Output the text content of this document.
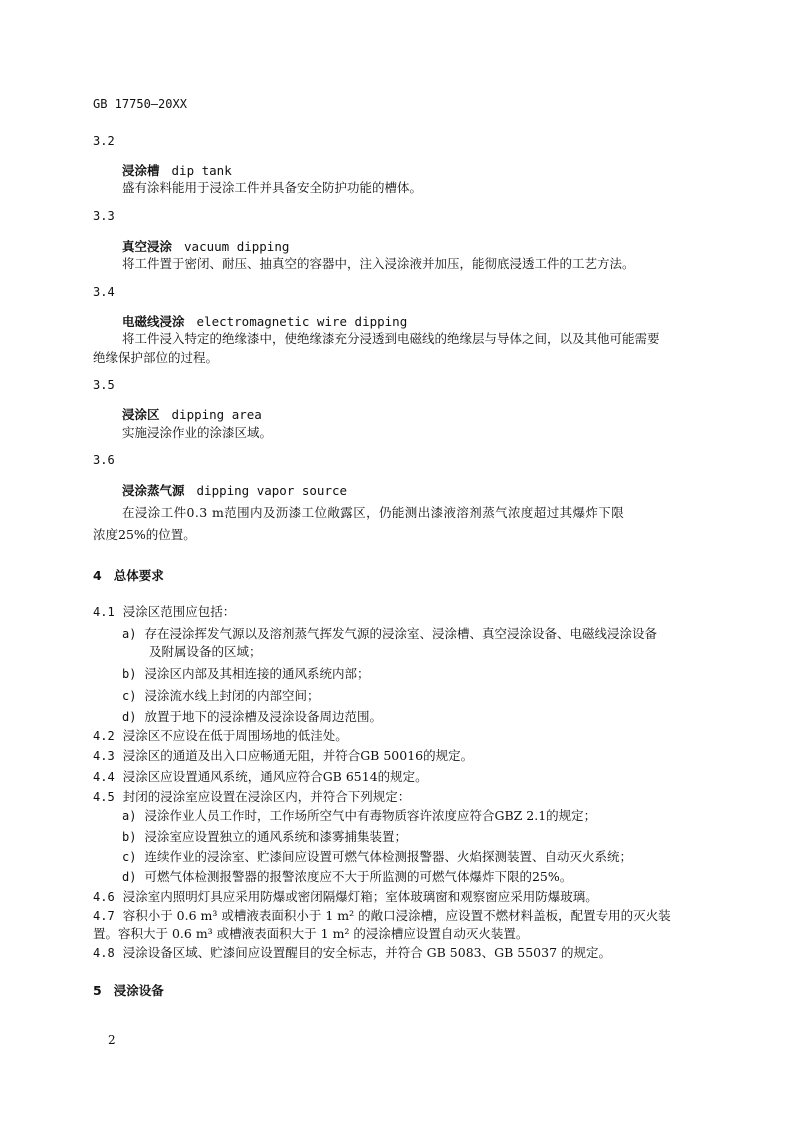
GB 17750—20XX
3.2
浸涂槽 dip tank
盛有涂料能用于浸涂工件并具备安全防护功能的槽体。
3.3
真空浸涂 vacuum dipping
将工件置于密闭、耐压、抽真空的容器中，注入浸涂液并加压，能彻底浸透工件的工艺方法。
3.4
电磁线浸涂 electromagnetic wire dipping
将工件浸入特定的绝缘漆中，使绝缘漆充分浸透到电磁线的绝缘层与导体之间，以及其他可能需要
绝缘保护部位的过程。
3.5
浸涂区 dipping area
实施浸涂作业的涂漆区域。
3.6
浸涂蒸气源 dipping vapor source
在浸涂工件0.3 m范围内及沥漆工位敞露区，仍能测出漆液溶剂蒸气浓度超过其爆炸下限
浓度25%的位置。
4 总体要求
4.1 浸涂区范围应包括：
a) 存在浸涂挥发气源以及溶剂蒸气挥发气源的浸涂室、浸涂槽、真空浸涂设备、电磁线浸涂设备
及附属设备的区域；
b) 浸涂区内部及其相连接的通风系统内部；
c) 浸涂流水线上封闭的内部空间；
d) 放置于地下的浸涂槽及浸涂设备周边范围。
4.2 浸涂区不应设在低于周围场地的低洼处。
4.3 浸涂区的通道及出入口应畅通无阻，并符合GB 50016的规定。
4.4 浸涂区应设置通风系统，通风应符合GB 6514的规定。
4.5 封闭的浸涂室应设置在浸涂区内，并符合下列规定：
a) 浸涂作业人员工作时，工作场所空气中有毒物质容许浓度应符合GBZ 2.1的规定；
b) 浸涂室应设置独立的通风系统和漆雾捕集装置；
c) 连续作业的浸涂室、贮漆间应设置可燃气体检测报警器、火焰探测装置、自动灭火系统；
d) 可燃气体检测报警器的报警浓度应不大于所监测的可燃气体爆炸下限的25%。
4.6 浸涂室内照明灯具应采用防爆或密闭隔爆灯箱；室体玻璃窗和观察窗应采用防爆玻璃。
4.7 容积小于 0.6 m³ 或槽液表面积小于 1 m² 的敞口浸涂槽，应设置不燃材料盖板，配置专用的灭火装
置。容积大于 0.6 m³ 或槽液表面积大于 1 m² 的浸涂槽应设置自动灭火装置。
4.8 浸涂设备区域、贮漆间应设置醒目的安全标志，并符合 GB 5083、GB 55037 的规定。
5 浸涂设备
2
